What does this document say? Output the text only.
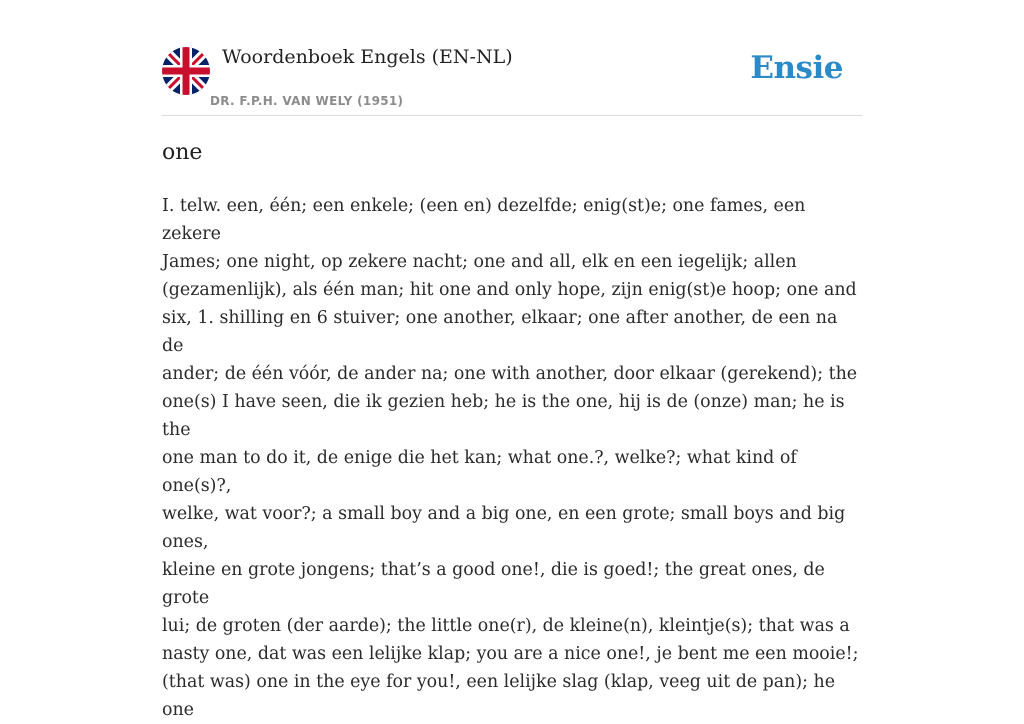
Woordenboek Engels (EN-NL)
DR. F.P.H. VAN WELY (1951)
Ensie
one
I. telw. een, één; een enkele; (een en) dezelfde; enig(st)e; one fames, een zekere
James; one night, op zekere nacht; one and all, elk en een iegelijk; allen
(gezamenlijk), als één man; hit one and only hope, zijn enig(st)e hoop; one and
six, 1. shilling en 6 stuiver; one another, elkaar; one after another, de een na de
ander; de één vóór, de ander na; one with another, door elkaar (gerekend); the
one(s) I have seen, die ik gezien heb; he is the one, hij is de (onze) man; he is the
one man to do it, de enige die het kan; what one.?, welke?; what kind of one(s)?,
welke, wat voor?; a small boy and a big one, en een grote; small boys and big ones,
kleine en grote jongens; that’s a good one!, die is goed!; the great ones, de grote
lui; de groten (der aarde); the little one(r), de kleine(n), kleintje(s); that was a
nasty one, dat was een lelijke klap; you are a nice one!, je bent me een mooie!;
(that was) one in the eye for you!, een lelijke slag (klap, veeg uit de pan); he one
